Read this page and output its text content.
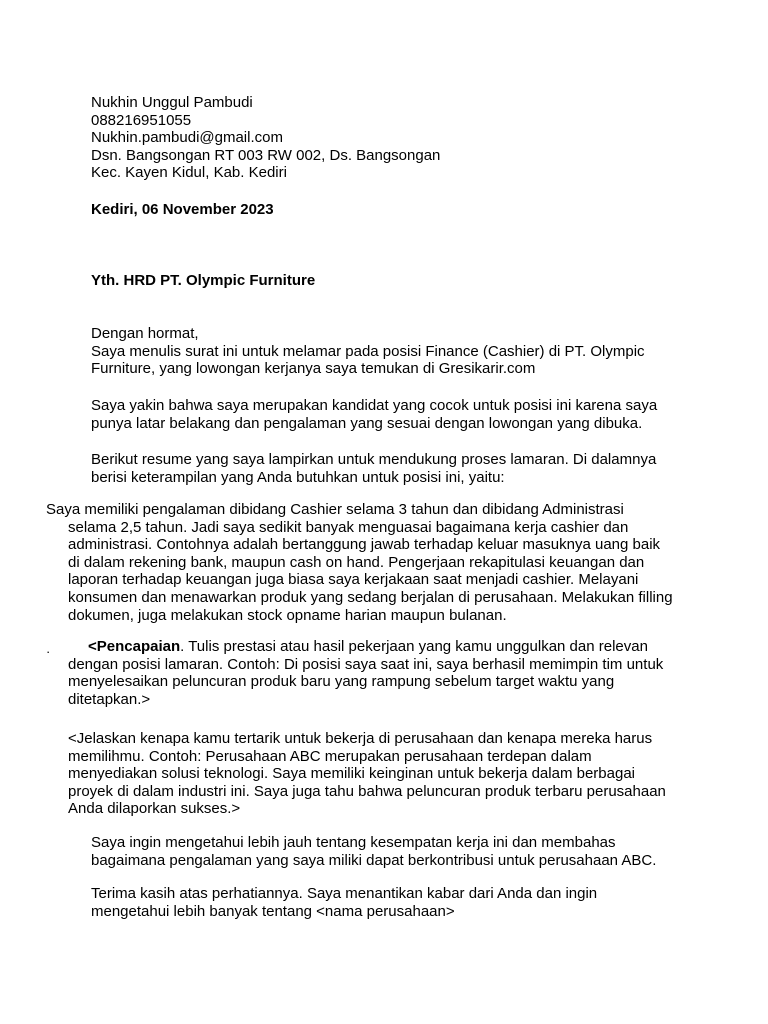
Nukhin Unggul Pambudi
088216951055
Nukhin.pambudi@gmail.com
Dsn. Bangsongan RT 003 RW 002, Ds. Bangsongan
Kec. Kayen Kidul, Kab. Kediri
Kediri, 06 November 2023
Yth. HRD PT. Olympic Furniture
Dengan hormat,
Saya menulis surat ini untuk melamar pada posisi Finance (Cashier) di PT. Olympic
Furniture, yang lowongan kerjanya saya temukan di Gresikarir.com
Saya yakin bahwa saya merupakan kandidat yang cocok untuk posisi ini karena saya
punya latar belakang dan pengalaman yang sesuai dengan lowongan yang dibuka.
Berikut resume yang saya lampirkan untuk mendukung proses lamaran. Di dalamnya
berisi keterampilan yang Anda butuhkan untuk posisi ini, yaitu:
Saya memiliki pengalaman dibidang Cashier selama 3 tahun dan dibidang Administrasi
selama 2,5 tahun. Jadi saya sedikit banyak menguasai bagaimana kerja cashier dan
administrasi. Contohnya adalah bertanggung jawab terhadap keluar masuknya uang baik
di dalam rekening bank, maupun cash on hand. Pengerjaan rekapitulasi keuangan dan
laporan terhadap keuangan juga biasa saya kerjakaan saat menjadi cashier. Melayani
konsumen dan menawarkan produk yang sedang berjalan di perusahaan. Melakukan filling
dokumen, juga melakukan stock opname harian maupun bulanan.
·	<Pencapaian. Tulis prestasi atau hasil pekerjaan yang kamu unggulkan dan relevan
dengan posisi lamaran. Contoh: Di posisi saya saat ini, saya berhasil memimpin tim untuk
menyelesaikan peluncuran produk baru yang rampung sebelum target waktu yang
ditetapkan.>
<Jelaskan kenapa kamu tertarik untuk bekerja di perusahaan dan kenapa mereka harus
memilihmu. Contoh: Perusahaan ABC merupakan perusahaan terdepan dalam
menyediakan solusi teknologi. Saya memiliki keinginan untuk bekerja dalam berbagai
proyek di dalam industri ini. Saya juga tahu bahwa peluncuran produk terbaru perusahaan
Anda dilaporkan sukses.>
Saya ingin mengetahui lebih jauh tentang kesempatan kerja ini dan membahas
bagaimana pengalaman yang saya miliki dapat berkontribusi untuk perusahaan ABC.
Terima kasih atas perhatiannya. Saya menantikan kabar dari Anda dan ingin
mengetahui lebih banyak tentang <nama perusahaan>
